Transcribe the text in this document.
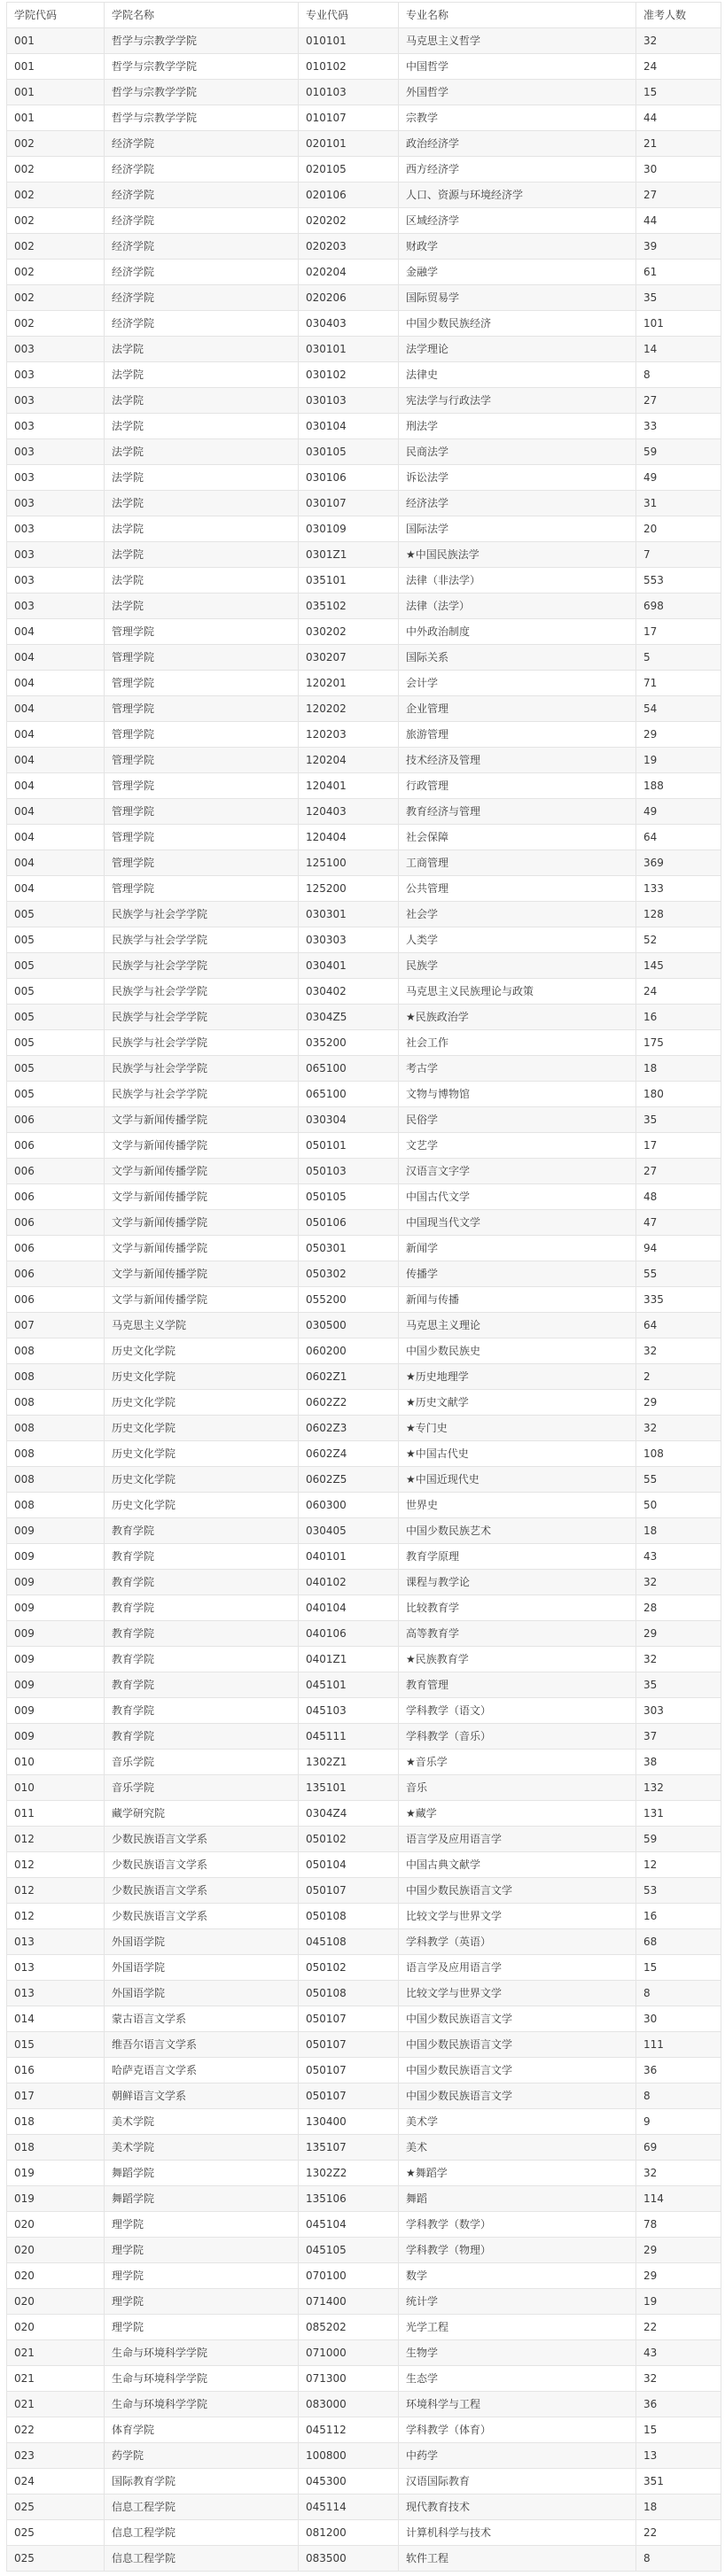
学院代码	学院名称	专业代码	专业名称	准考人数
001	哲学与宗教学学院	010101	马克思主义哲学	32
001	哲学与宗教学学院	010102	中国哲学	24
001	哲学与宗教学学院	010103	外国哲学	15
001	哲学与宗教学学院	010107	宗教学	44
002	经济学院	020101	政治经济学	21
002	经济学院	020105	西方经济学	30
002	经济学院	020106	人口、资源与环境经济学	27
002	经济学院	020202	区域经济学	44
002	经济学院	020203	财政学	39
002	经济学院	020204	金融学	61
002	经济学院	020206	国际贸易学	35
002	经济学院	030403	中国少数民族经济	101
003	法学院	030101	法学理论	14
003	法学院	030102	法律史	8
003	法学院	030103	宪法学与行政法学	27
003	法学院	030104	刑法学	33
003	法学院	030105	民商法学	59
003	法学院	030106	诉讼法学	49
003	法学院	030107	经济法学	31
003	法学院	030109	国际法学	20
003	法学院	0301Z1	★中国民族法学	7
003	法学院	035101	法律（非法学）	553
003	法学院	035102	法律（法学）	698
004	管理学院	030202	中外政治制度	17
004	管理学院	030207	国际关系	5
004	管理学院	120201	会计学	71
004	管理学院	120202	企业管理	54
004	管理学院	120203	旅游管理	29
004	管理学院	120204	技术经济及管理	19
004	管理学院	120401	行政管理	188
004	管理学院	120403	教育经济与管理	49
004	管理学院	120404	社会保障	64
004	管理学院	125100	工商管理	369
004	管理学院	125200	公共管理	133
005	民族学与社会学学院	030301	社会学	128
005	民族学与社会学学院	030303	人类学	52
005	民族学与社会学学院	030401	民族学	145
005	民族学与社会学学院	030402	马克思主义民族理论与政策	24
005	民族学与社会学学院	0304Z5	★民族政治学	16
005	民族学与社会学学院	035200	社会工作	175
005	民族学与社会学学院	065100	考古学	18
005	民族学与社会学学院	065100	文物与博物馆	180
006	文学与新闻传播学院	030304	民俗学	35
006	文学与新闻传播学院	050101	文艺学	17
006	文学与新闻传播学院	050103	汉语言文字学	27
006	文学与新闻传播学院	050105	中国古代文学	48
006	文学与新闻传播学院	050106	中国现当代文学	47
006	文学与新闻传播学院	050301	新闻学	94
006	文学与新闻传播学院	050302	传播学	55
006	文学与新闻传播学院	055200	新闻与传播	335
007	马克思主义学院	030500	马克思主义理论	64
008	历史文化学院	060200	中国少数民族史	32
008	历史文化学院	0602Z1	★历史地理学	2
008	历史文化学院	0602Z2	★历史文献学	29
008	历史文化学院	0602Z3	★专门史	32
008	历史文化学院	0602Z4	★中国古代史	108
008	历史文化学院	0602Z5	★中国近现代史	55
008	历史文化学院	060300	世界史	50
009	教育学院	030405	中国少数民族艺术	18
009	教育学院	040101	教育学原理	43
009	教育学院	040102	课程与教学论	32
009	教育学院	040104	比较教育学	28
009	教育学院	040106	高等教育学	29
009	教育学院	0401Z1	★民族教育学	32
009	教育学院	045101	教育管理	35
009	教育学院	045103	学科教学（语文）	303
009	教育学院	045111	学科教学（音乐）	37
010	音乐学院	1302Z1	★音乐学	38
010	音乐学院	135101	音乐	132
011	藏学研究院	0304Z4	★藏学	131
012	少数民族语言文学系	050102	语言学及应用语言学	59
012	少数民族语言文学系	050104	中国古典文献学	12
012	少数民族语言文学系	050107	中国少数民族语言文学	53
012	少数民族语言文学系	050108	比较文学与世界文学	16
013	外国语学院	045108	学科教学（英语）	68
013	外国语学院	050102	语言学及应用语言学	15
013	外国语学院	050108	比较文学与世界文学	8
014	蒙古语言文学系	050107	中国少数民族语言文学	30
015	维吾尔语言文学系	050107	中国少数民族语言文学	111
016	哈萨克语言文学系	050107	中国少数民族语言文学	36
017	朝鲜语言文学系	050107	中国少数民族语言文学	8
018	美术学院	130400	美术学	9
018	美术学院	135107	美术	69
019	舞蹈学院	1302Z2	★舞蹈学	32
019	舞蹈学院	135106	舞蹈	114
020	理学院	045104	学科教学（数学）	78
020	理学院	045105	学科教学（物理）	29
020	理学院	070100	数学	29
020	理学院	071400	统计学	19
020	理学院	085202	光学工程	22
021	生命与环境科学学院	071000	生物学	43
021	生命与环境科学学院	071300	生态学	32
021	生命与环境科学学院	083000	环境科学与工程	36
022	体育学院	045112	学科教学（体育）	15
023	药学院	100800	中药学	13
024	国际教育学院	045300	汉语国际教育	351
025	信息工程学院	045114	现代教育技术	18
025	信息工程学院	081200	计算机科学与技术	22
025	信息工程学院	083500	软件工程	8
